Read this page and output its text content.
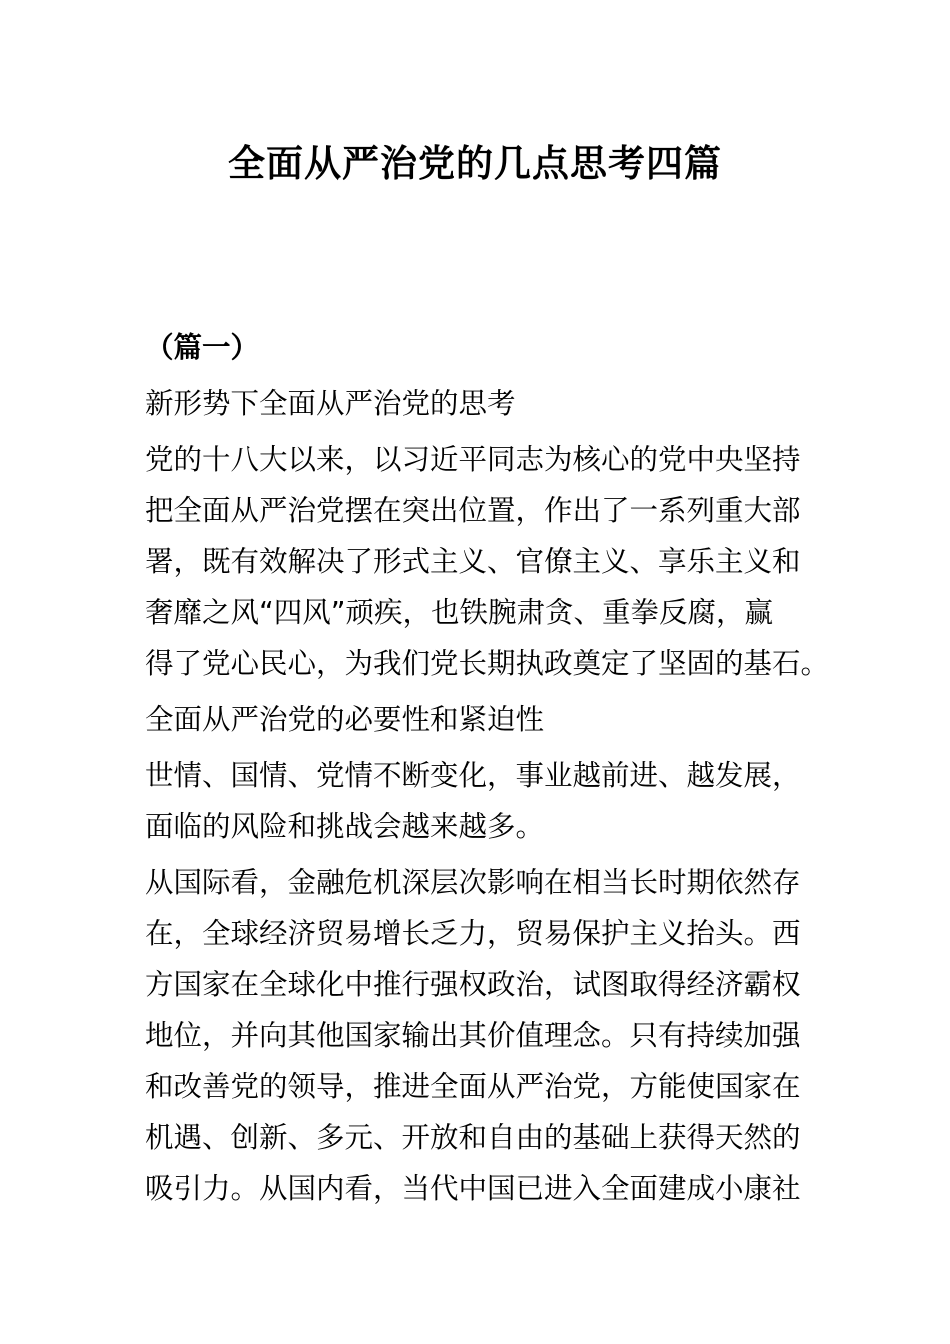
全面从严治党的几点思考四篇
（篇一）
新形势下全面从严治党的思考
党的十八大以来，以习近平同志为核心的党中央坚持
把全面从严治党摆在突出位置，作出了一系列重大部
署，既有效解决了形式主义、官僚主义、享乐主义和
奢靡之风“四风”顽疾，也铁腕肃贪、重拳反腐，赢
得了党心民心，为我们党长期执政奠定了坚固的基石。
全面从严治党的必要性和紧迫性
世情、国情、党情不断变化，事业越前进、越发展，
面临的风险和挑战会越来越多。
从国际看，金融危机深层次影响在相当长时期依然存
在，全球经济贸易增长乏力，贸易保护主义抬头。西
方国家在全球化中推行强权政治，试图取得经济霸权
地位，并向其他国家输出其价值理念。只有持续加强
和改善党的领导，推进全面从严治党，方能使国家在
机遇、创新、多元、开放和自由的基础上获得天然的
吸引力。从国内看，当代中国已进入全面建成小康社
